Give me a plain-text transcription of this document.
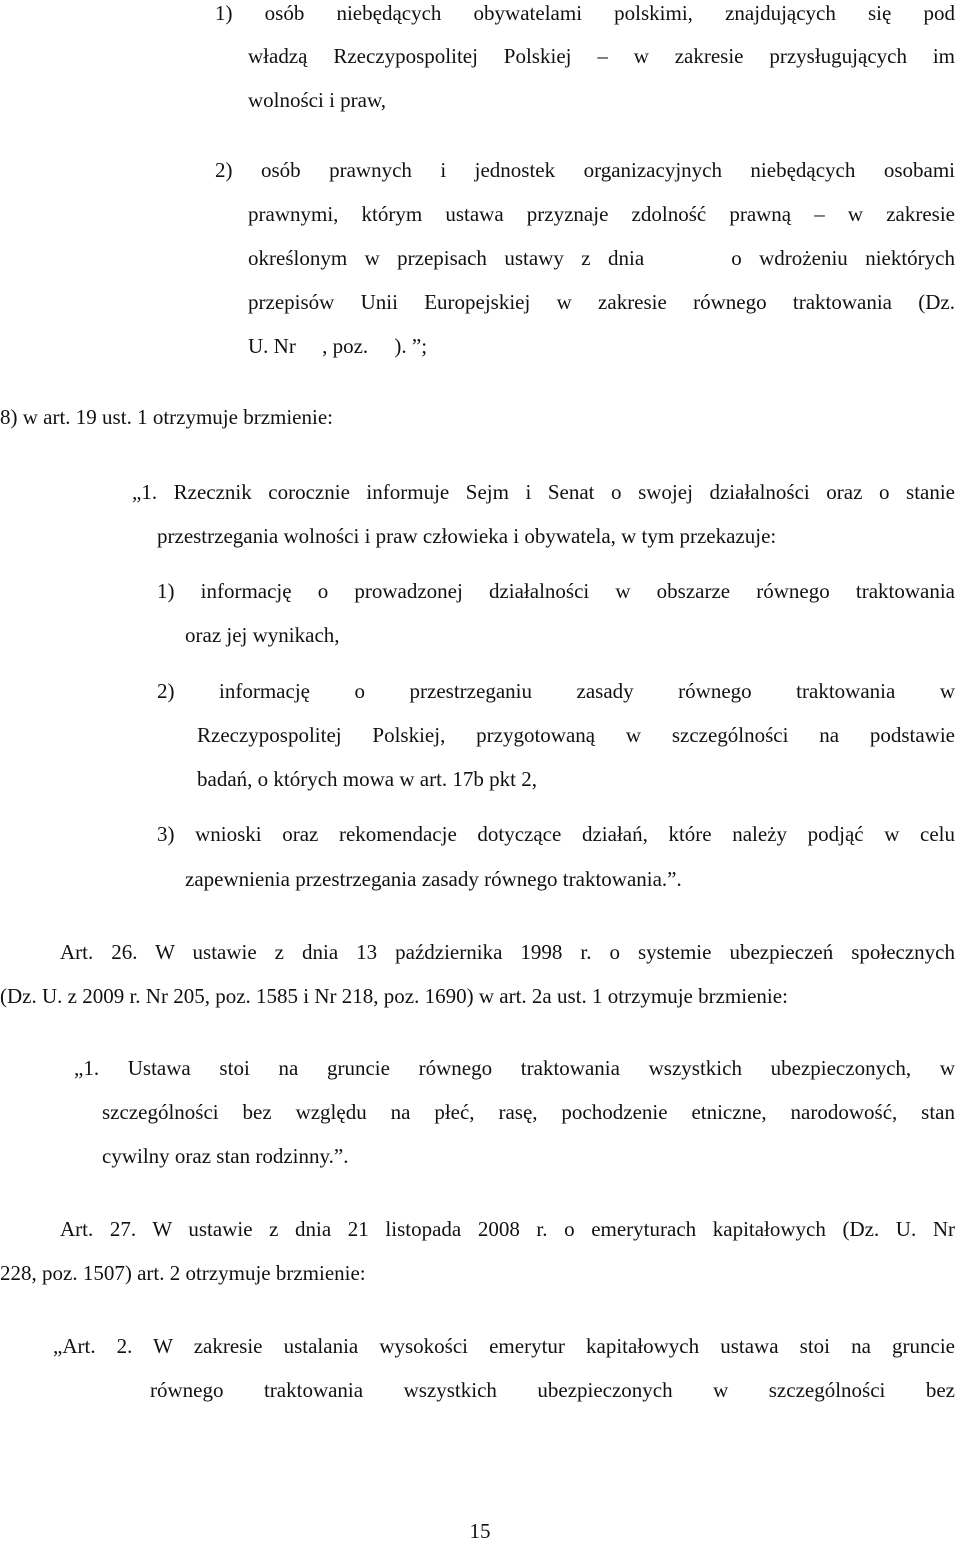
1) osób niebędących obywatelami polskimi, znajdujących się pod
władzą Rzeczypospolitej Polskiej – w zakresie przysługujących im
wolności i praw,
2) osób prawnych i jednostek organizacyjnych niebędących osobami
prawnymi, którym ustawa przyznaje zdolność prawną – w zakresie
określonym w przepisach ustawy z dnia     o wdrożeniu niektórych
przepisów Unii Europejskiej w zakresie równego traktowania (Dz.
U. Nr     , poz.     ). ”;
8) w art. 19 ust. 1 otrzymuje brzmienie:
„1. Rzecznik corocznie informuje Sejm i Senat o swojej działalności oraz o stanie
przestrzegania wolności i praw człowieka i obywatela, w tym przekazuje:
1) informację o prowadzonej działalności w obszarze równego traktowania
oraz jej wynikach,
2) informację o przestrzeganiu zasady równego traktowania w
Rzeczypospolitej Polskiej, przygotowaną w szczególności na podstawie
badań, o których mowa w art. 17b pkt 2,
3) wnioski oraz rekomendacje dotyczące działań, które należy podjąć w celu
zapewnienia przestrzegania zasady równego traktowania.”.
Art. 26. W ustawie z dnia 13 października 1998 r. o systemie ubezpieczeń społecznych
(Dz. U. z 2009 r. Nr 205, poz. 1585 i Nr 218, poz. 1690) w art. 2a ust. 1 otrzymuje brzmienie:
„1. Ustawa stoi na gruncie równego traktowania wszystkich ubezpieczonych, w
szczególności bez względu na płeć, rasę, pochodzenie etniczne, narodowość, stan
cywilny oraz stan rodzinny.”.
Art. 27. W ustawie z dnia 21 listopada 2008 r. o emeryturach kapitałowych (Dz. U. Nr
228, poz. 1507) art. 2 otrzymuje brzmienie:
„Art. 2. W zakresie ustalania wysokości emerytur kapitałowych ustawa stoi na gruncie
równego traktowania wszystkich ubezpieczonych w szczególności bez
15
